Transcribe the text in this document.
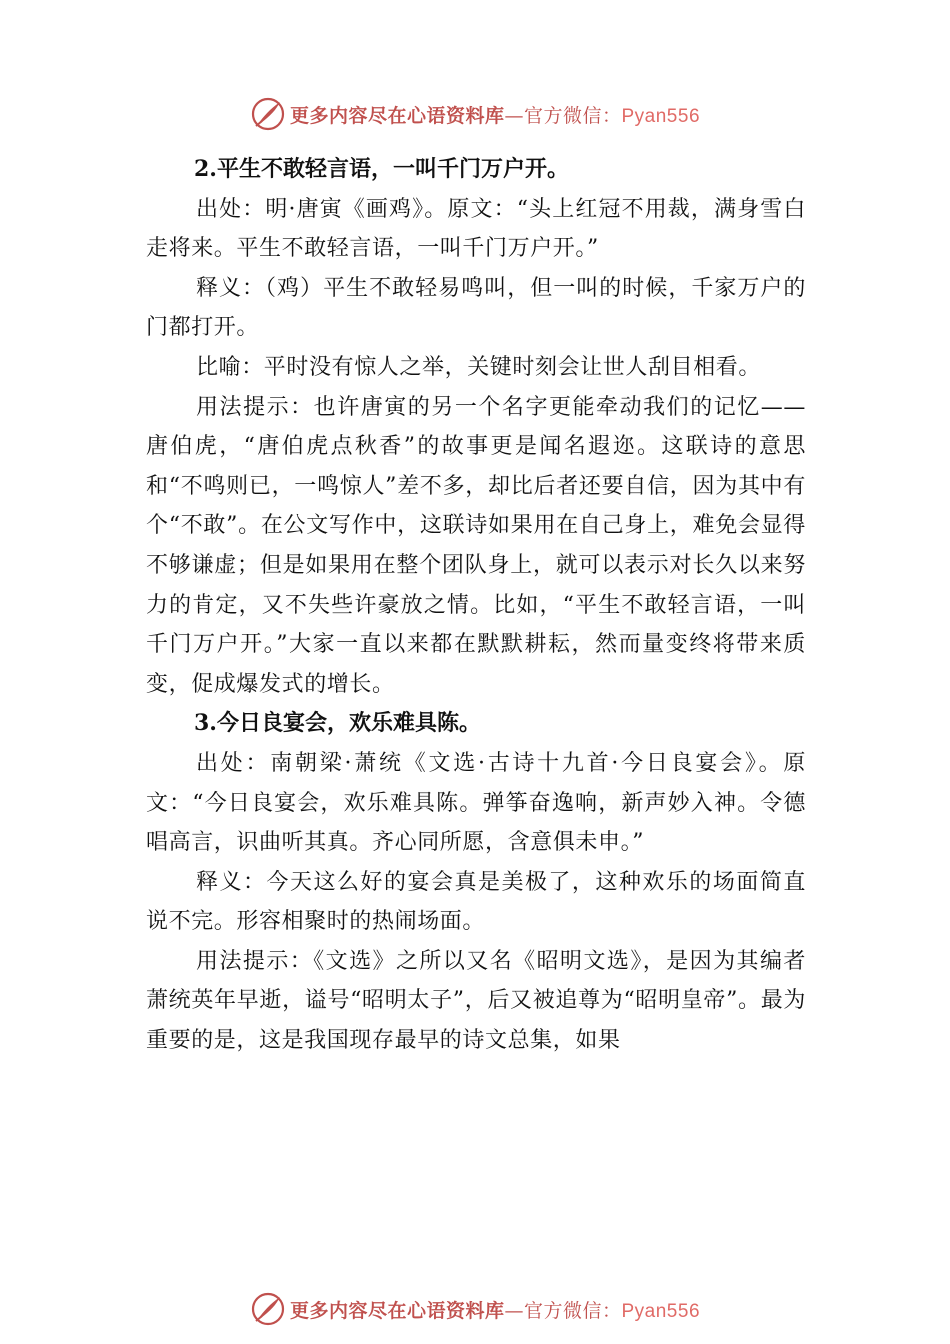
更多内容尽在心语资料库—官方微信：Pyan556

2.平生不敢轻言语，一叫千门万户开。

出处：明·唐寅《画鸡》。原文：“头上红冠不用裁，满身雪白走将来。平生不敢轻言语，一叫千门万户开。”

释义：（鸡）平生不敢轻易鸣叫，但一叫的时候，千家万户的门都打开。

比喻：平时没有惊人之举，关键时刻会让世人刮目相看。

用法提示：也许唐寅的另一个名字更能牵动我们的记忆——唐伯虎，“唐伯虎点秋香”的故事更是闻名遐迩。这联诗的意思和“不鸣则已，一鸣惊人”差不多，却比后者还要自信，因为其中有个“不敢”。在公文写作中，这联诗如果用在自己身上，难免会显得不够谦虚；但是如果用在整个团队身上，就可以表示对长久以来努力的肯定，又不失些许豪放之情。比如，“平生不敢轻言语，一叫千门万户开。”大家一直以来都在默默耕耘，然而量变终将带来质变，促成爆发式的增长。

3.今日良宴会，欢乐难具陈。

出处：南朝梁·萧统《文选·古诗十九首·今日良宴会》。原文：“今日良宴会，欢乐难具陈。弹筝奋逸响，新声妙入神。令德唱高言，识曲听其真。齐心同所愿，含意俱未申。”

释义：今天这么好的宴会真是美极了，这种欢乐的场面简直说不完。形容相聚时的热闹场面。

用法提示：《文选》之所以又名《昭明文选》，是因为其编者萧统英年早逝，谥号“昭明太子”，后又被追尊为“昭明皇帝”。最为重要的是，这是我国现存最早的诗文总集，如果

更多内容尽在心语资料库—官方微信：Pyan556
